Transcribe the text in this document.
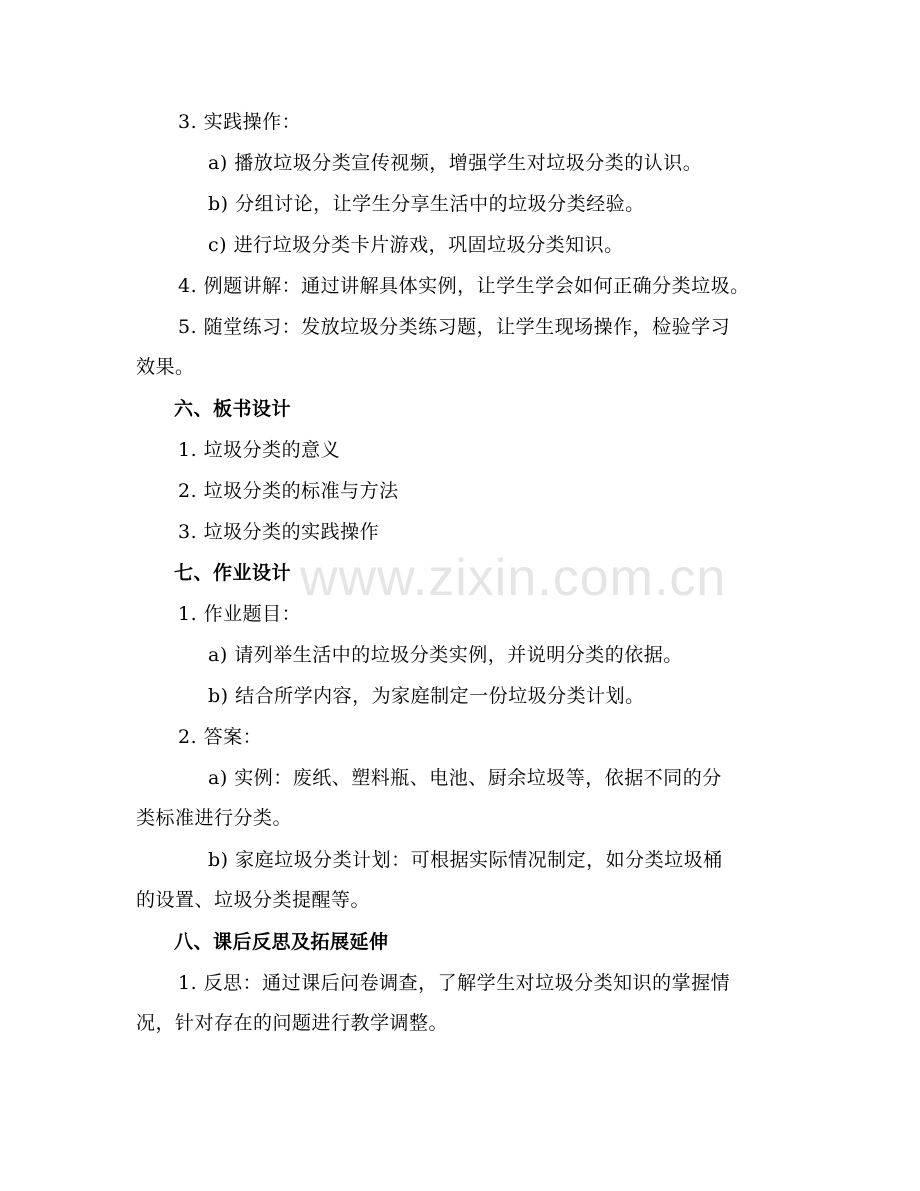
3. 实践操作：
a) 播放垃圾分类宣传视频，增强学生对垃圾分类的认识。
b) 分组讨论，让学生分享生活中的垃圾分类经验。
c) 进行垃圾分类卡片游戏，巩固垃圾分类知识。
4. 例题讲解：通过讲解具体实例，让学生学会如何正确分类垃圾。
5. 随堂练习：发放垃圾分类练习题，让学生现场操作，检验学习
效果。
六、板书设计
1. 垃圾分类的意义
2. 垃圾分类的标准与方法
3. 垃圾分类的实践操作
七、作业设计
1. 作业题目：
a) 请列举生活中的垃圾分类实例，并说明分类的依据。
b) 结合所学内容，为家庭制定一份垃圾分类计划。
2. 答案：
a) 实例：废纸、塑料瓶、电池、厨余垃圾等，依据不同的分
类标准进行分类。
b) 家庭垃圾分类计划：可根据实际情况制定，如分类垃圾桶
的设置、垃圾分类提醒等。
八、课后反思及拓展延伸
1. 反思：通过课后问卷调查，了解学生对垃圾分类知识的掌握情
况，针对存在的问题进行教学调整。
www.zixin.com.cn
